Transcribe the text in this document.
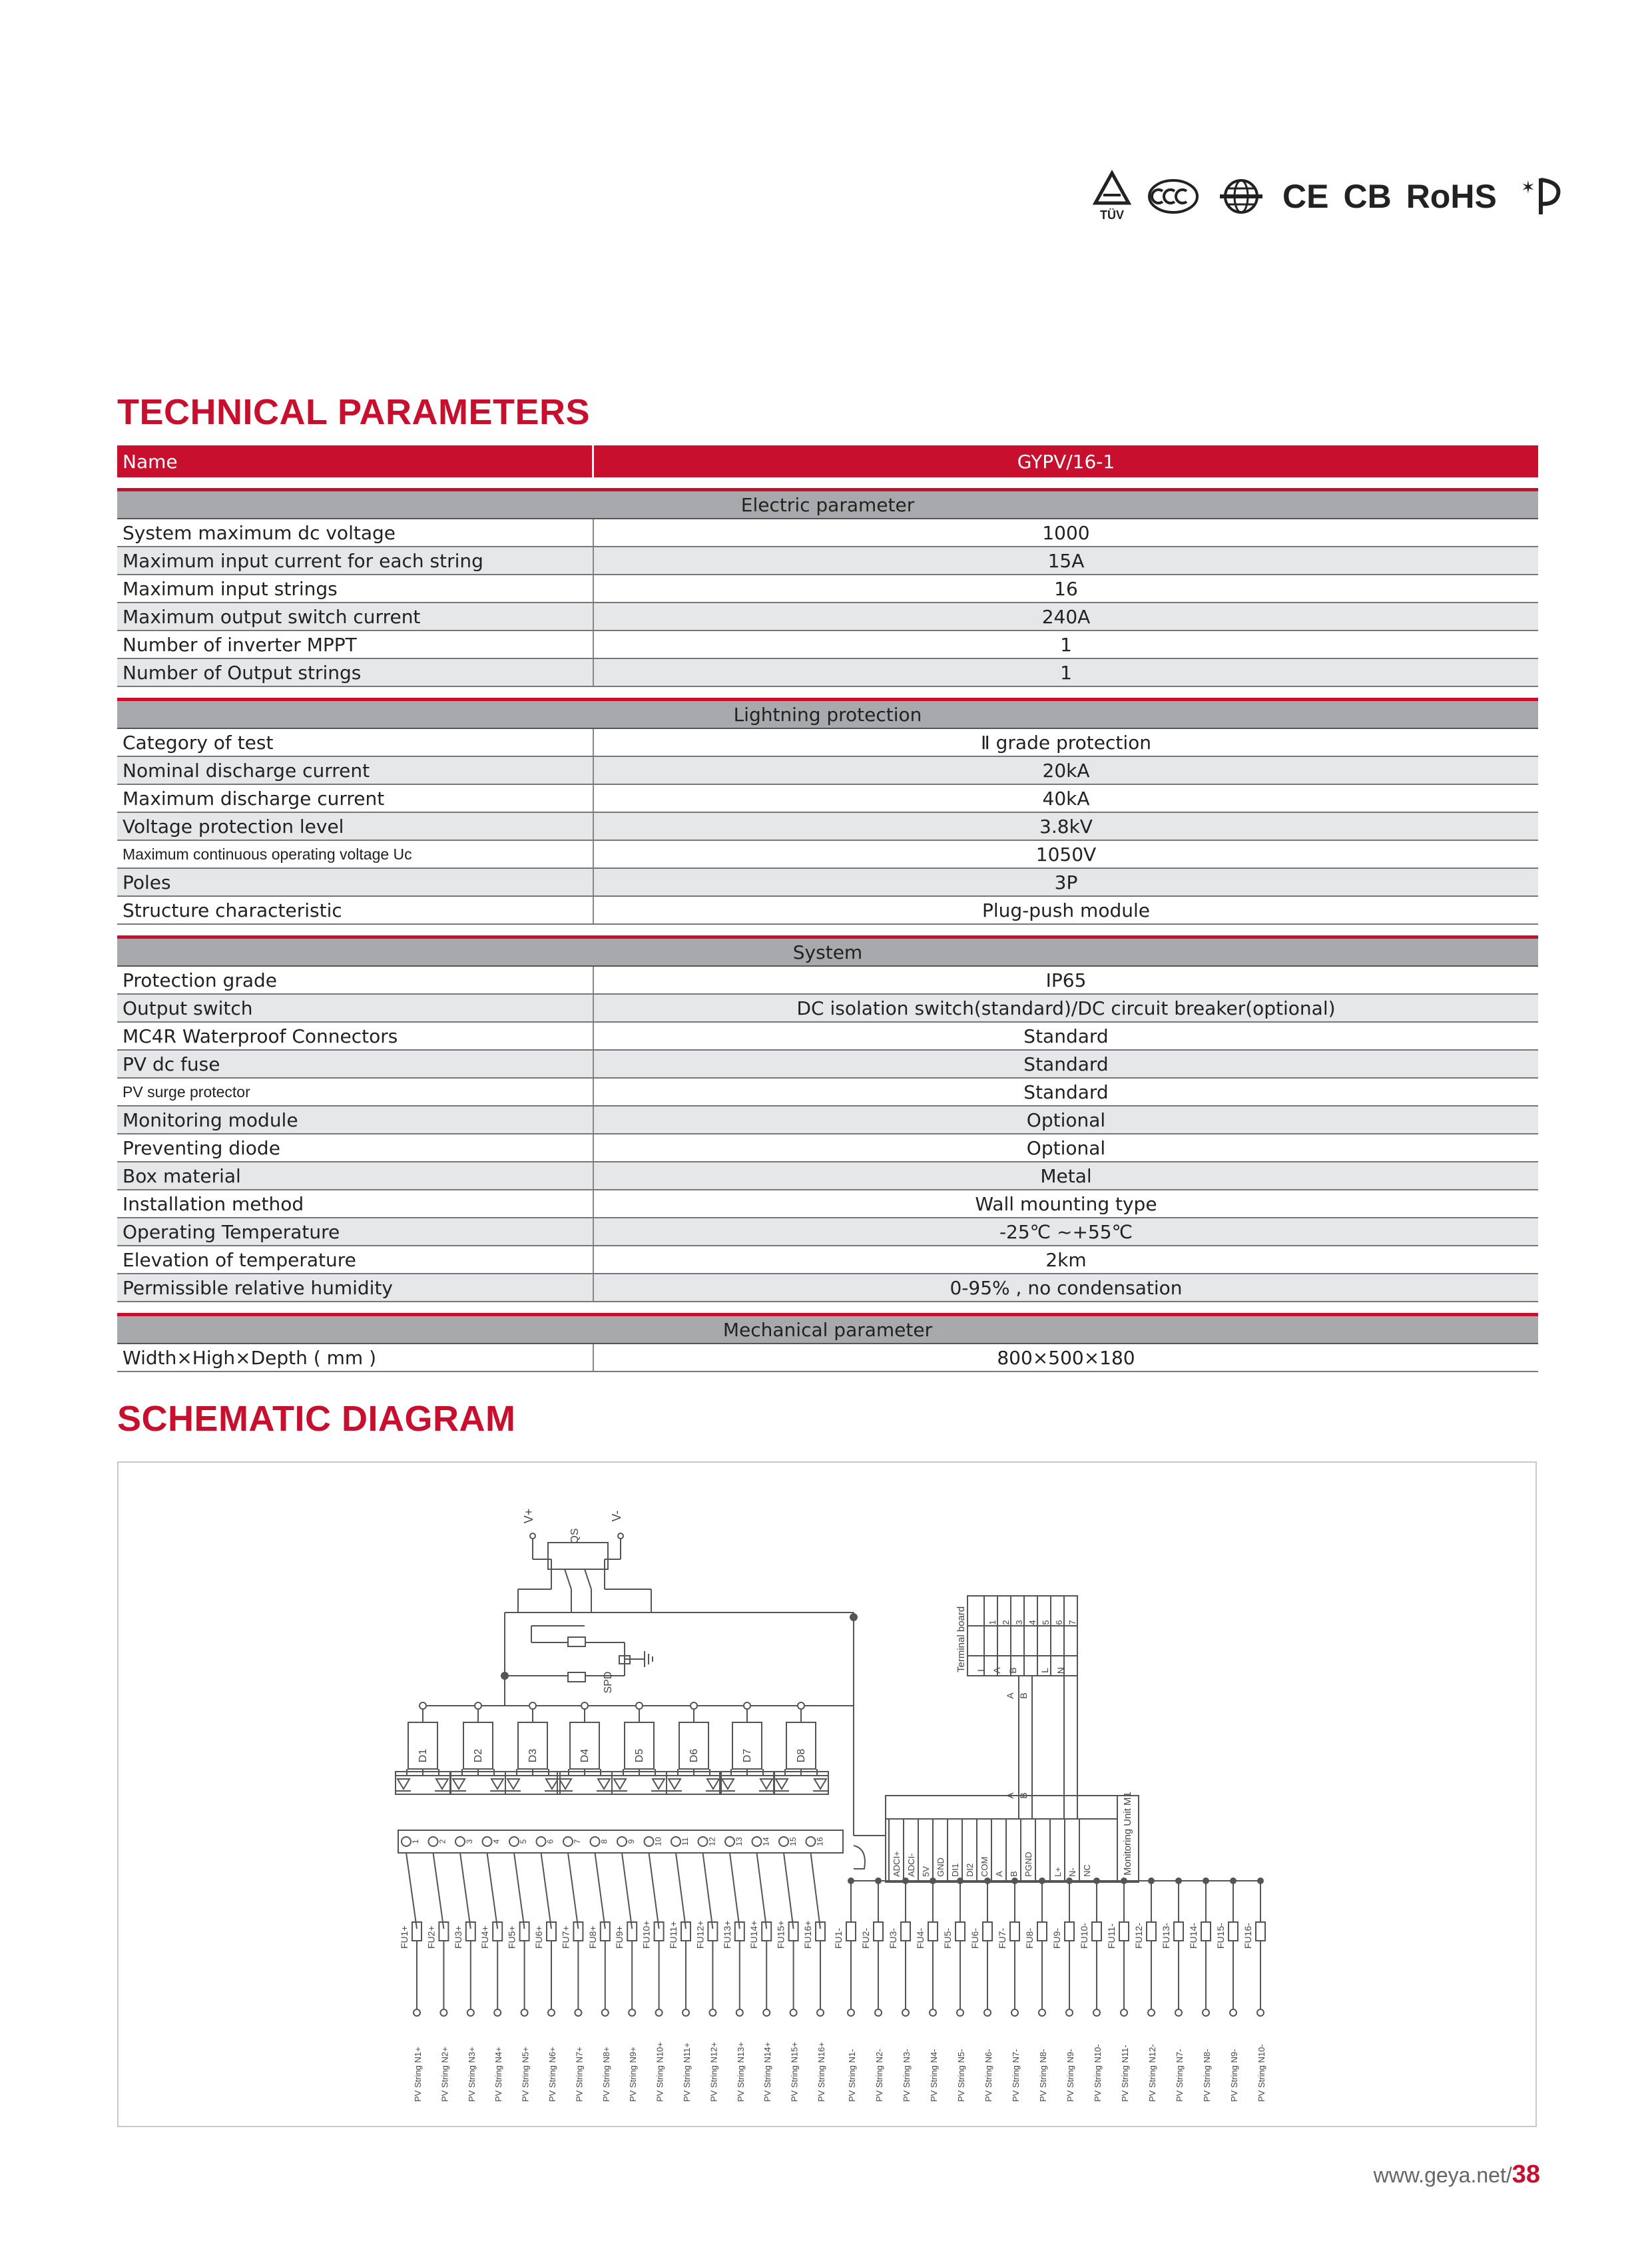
TÜV	CE CB RoHS ✶
TECHNICAL PARAMETERS
Name	GYPV/16-1
Electric parameter
System maximum dc voltage	1000
Maximum input current for each string	15A
Maximum input strings	16
Maximum output switch current	240A
Number of inverter MPPT	1
Number of Output strings	1
Lightning protection
Category of test	Ⅱ grade protection
Nominal discharge current	20kA
Maximum discharge current	40kA
Voltage protection level	3.8kV
Maximum continuous operating voltage Uc	1050V
Poles	3P
Structure characteristic	Plug-push module
System
Protection grade	IP65
Output switch	DC isolation switch(standard)/DC circuit breaker(optional)
MC4R Waterproof Connectors	Standard
PV dc fuse	Standard
PV surge protector	Standard
Monitoring module	Optional
Preventing diode	Optional
Box material	Metal
Installation method	Wall mounting type
Operating Temperature	-25℃ ~+55℃
Elevation of temperature	2km
Permissible relative humidity	0-95% , no condensation
Mechanical parameter
Width×High×Depth ( mm )	800×500×180
SCHEMATIC DIAGRAM
V+	V-
QS
SPD
D1	D2	D3	D4	D5	D6	D7	D8
1 2 3 4 5 6 7 8 9 10 11 12 13 14 15 16
ADCI+ ADCI- 5V GND DI1 DI2 COM A B PGND L+ N- NC	Monitoring Unit M1
Terminal board 1 2 3 4 5 6 7
I A B L N
A B
A B
FU1+
PV String N1+
FU2+
PV String N2+
FU3+
PV String N3+
FU4+
PV String N4+
FU5+
PV String N5+
FU6+
PV String N6+
FU7+
PV String N7+
FU8+
PV String N8+
FU9+
PV String N9+
FU10+
PV String N10+
FU11+
PV String N11+
FU12+
PV String N12+
FU13+
PV String N13+
FU14+
PV String N14+
FU15+
PV String N15+
FU16+
PV String N16+
FU1-
PV String N1-
FU2-
PV String N2-
FU3-
PV String N3-
FU4-
PV String N4-
FU5-
PV String N5-
FU6-
PV String N6-
FU7-
PV String N7-
FU8-
PV String N8-
FU9-
PV String N9-
FU10-
PV String N10-
FU11-
PV String N11-
FU12-
PV String N12-
FU13-
PV String N7-
FU14-
PV String N8-
FU15-
PV String N9-
FU16-
PV String N10-
www.geya.net/38
